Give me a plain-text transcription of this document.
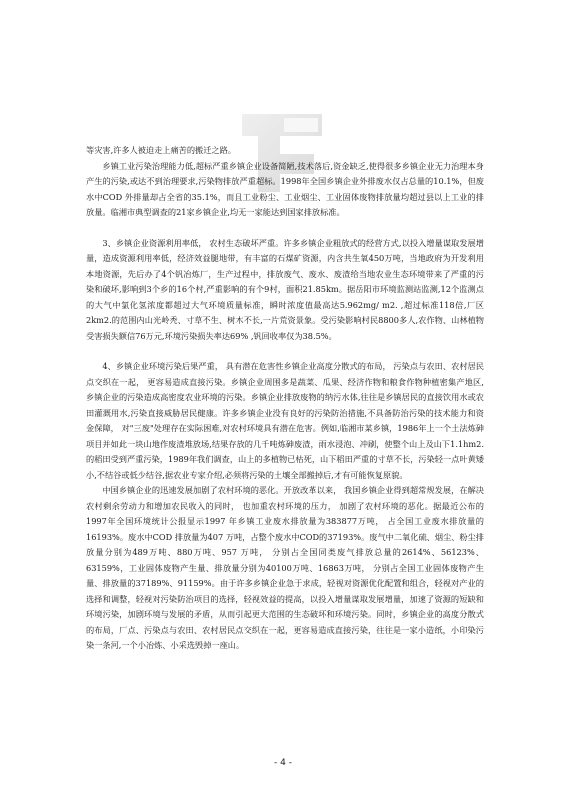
等灾害,许多人被迫走上痛苦的搬迁之路。

乡镇工业污染治理能力低,超标严重乡镇企业设备简陋,技术落后,资金缺乏,使得很多乡镇企业无力治理本身产生的污染,或达不到治理要求,污染物排放严重超标。1998年全国乡镇企业外排废水仅占总量的10.1%，但废水中COD 外排量却占全省的35.1%，而且工业粉尘、工业烟尘、工业固体废物排放量均超过县以上工业的排放量。临湘市典型调查的21家乡镇企业,均无一家能达到国家排放标准。

3、乡镇企业资源利用率低， 农村生态破坏严重。许多乡镇企业粗放式的经营方式,以投入增量谋取发展增量，造成资源利用率低，经济效益腿地带，有丰富的石煤矿资源，内含共生氧450万吨，当地政府为开发利用本地资源，先后办了4个钒冶炼厂，生产过程中，排放废气、废水、废渣给当地农业生态环境带来了严重的污染和破坏,影响到3个乡的16个村,严重影响的有个9村，面积21.85km。据岳阳市环境监测站监测,12个监测点的大气中氯化氢浓度都超过大气环境质量标准，瞬时浓度值最高达5.962mg/ m2. ,超过标准118倍,厂区2km2.的范围内山光岭秃、寸草不生、树木不长,一片荒资景象。受污染影响村民8800多人,农作物、山林植物受害损失额信76万元,环境污染损失率达69% ,钒回收率仅为38.5%。

4、乡镇企业环境污染后果严重， 具有潜在危害性乡镇企业高度分散式的布局， 污染点与农田、农村居民点交织在一起， 更容易造成直接污染。乡镇企业周围多是蔬菜、瓜果、经济作物和粮食作物种植密集产地区,乡镇企业的污染造成高密度农业环境的污染。乡镇企业排放废物的纳污水体,往往是乡镇居民的直接饮用水或农田灌溉用水,污染直接威胁居民健康。许多乡镇企业没有良好的污染防治措施,不具备防治污染的技术能力和资金保障， 对"三废"处理存在实际困难,对农村环境具有潜在危害。例如,临湘市某乡镇，1986年上一个土法炼砷项目并如此一块山地作废渣堆放场,结果存放的几千吨炼砷废渣，雨水浸泡、冲刷，使整个山上及山下1.1hm2. 的稻田受到严重污染，1989年我们调查，山上的多植物已枯死，山下稻田严重的寸草不长，污染轻一点叶黄矮小,不结谷或低少结谷,据农业专家介绍,必须将污染的土壤全部搬掉后,才有可能恢复原貌。

中国乡镇企业的迅速发展加剧了农村环境的恶化。开放改革以来， 我国乡镇企业得到超常规发展，在解决农村剩余劳动力和增加农民收入的同时， 也加重农村环境的压力， 加剧了农村环境的恶化。据最近公布的1997年全国环境统计公报显示1997 年乡镇工业废水排放量为383877万吨， 占全国工业废水排放量的16193%。废水中COD 排放量为407 万吨，占整个废水中COD的37193%。废气中二氧化硫、烟尘、粉尘排放量分别为489万吨、880万吨、957 万吨， 分别占全国同类废气排放总量的2614%、56123%、63159%，工业固体废物产生量、排放量分别为40100万吨、16863万吨， 分别占全国工业固体废物产生量、排放量的37189%、91159%。由于许多乡镇企业急于求成，轻视对资源优化配置和组合，轻视对产业的选择和调整，轻视对污染防治项目的选择，轻视效益的提高，以投入增量谋取发展增量，加速了资源的短缺和环境污染，加剧环境与发展的矛盾，从而引起更大范围的生态破坏和环境污染。同时，乡镇企业的高度分散式的布局，厂点、污染点与农田、农村居民点交织在一起，更容易造成直接污染，往往是一家小造纸，小印染污染一条河,一个小冶炼、小采选毁掉一座山。

- 4 -
